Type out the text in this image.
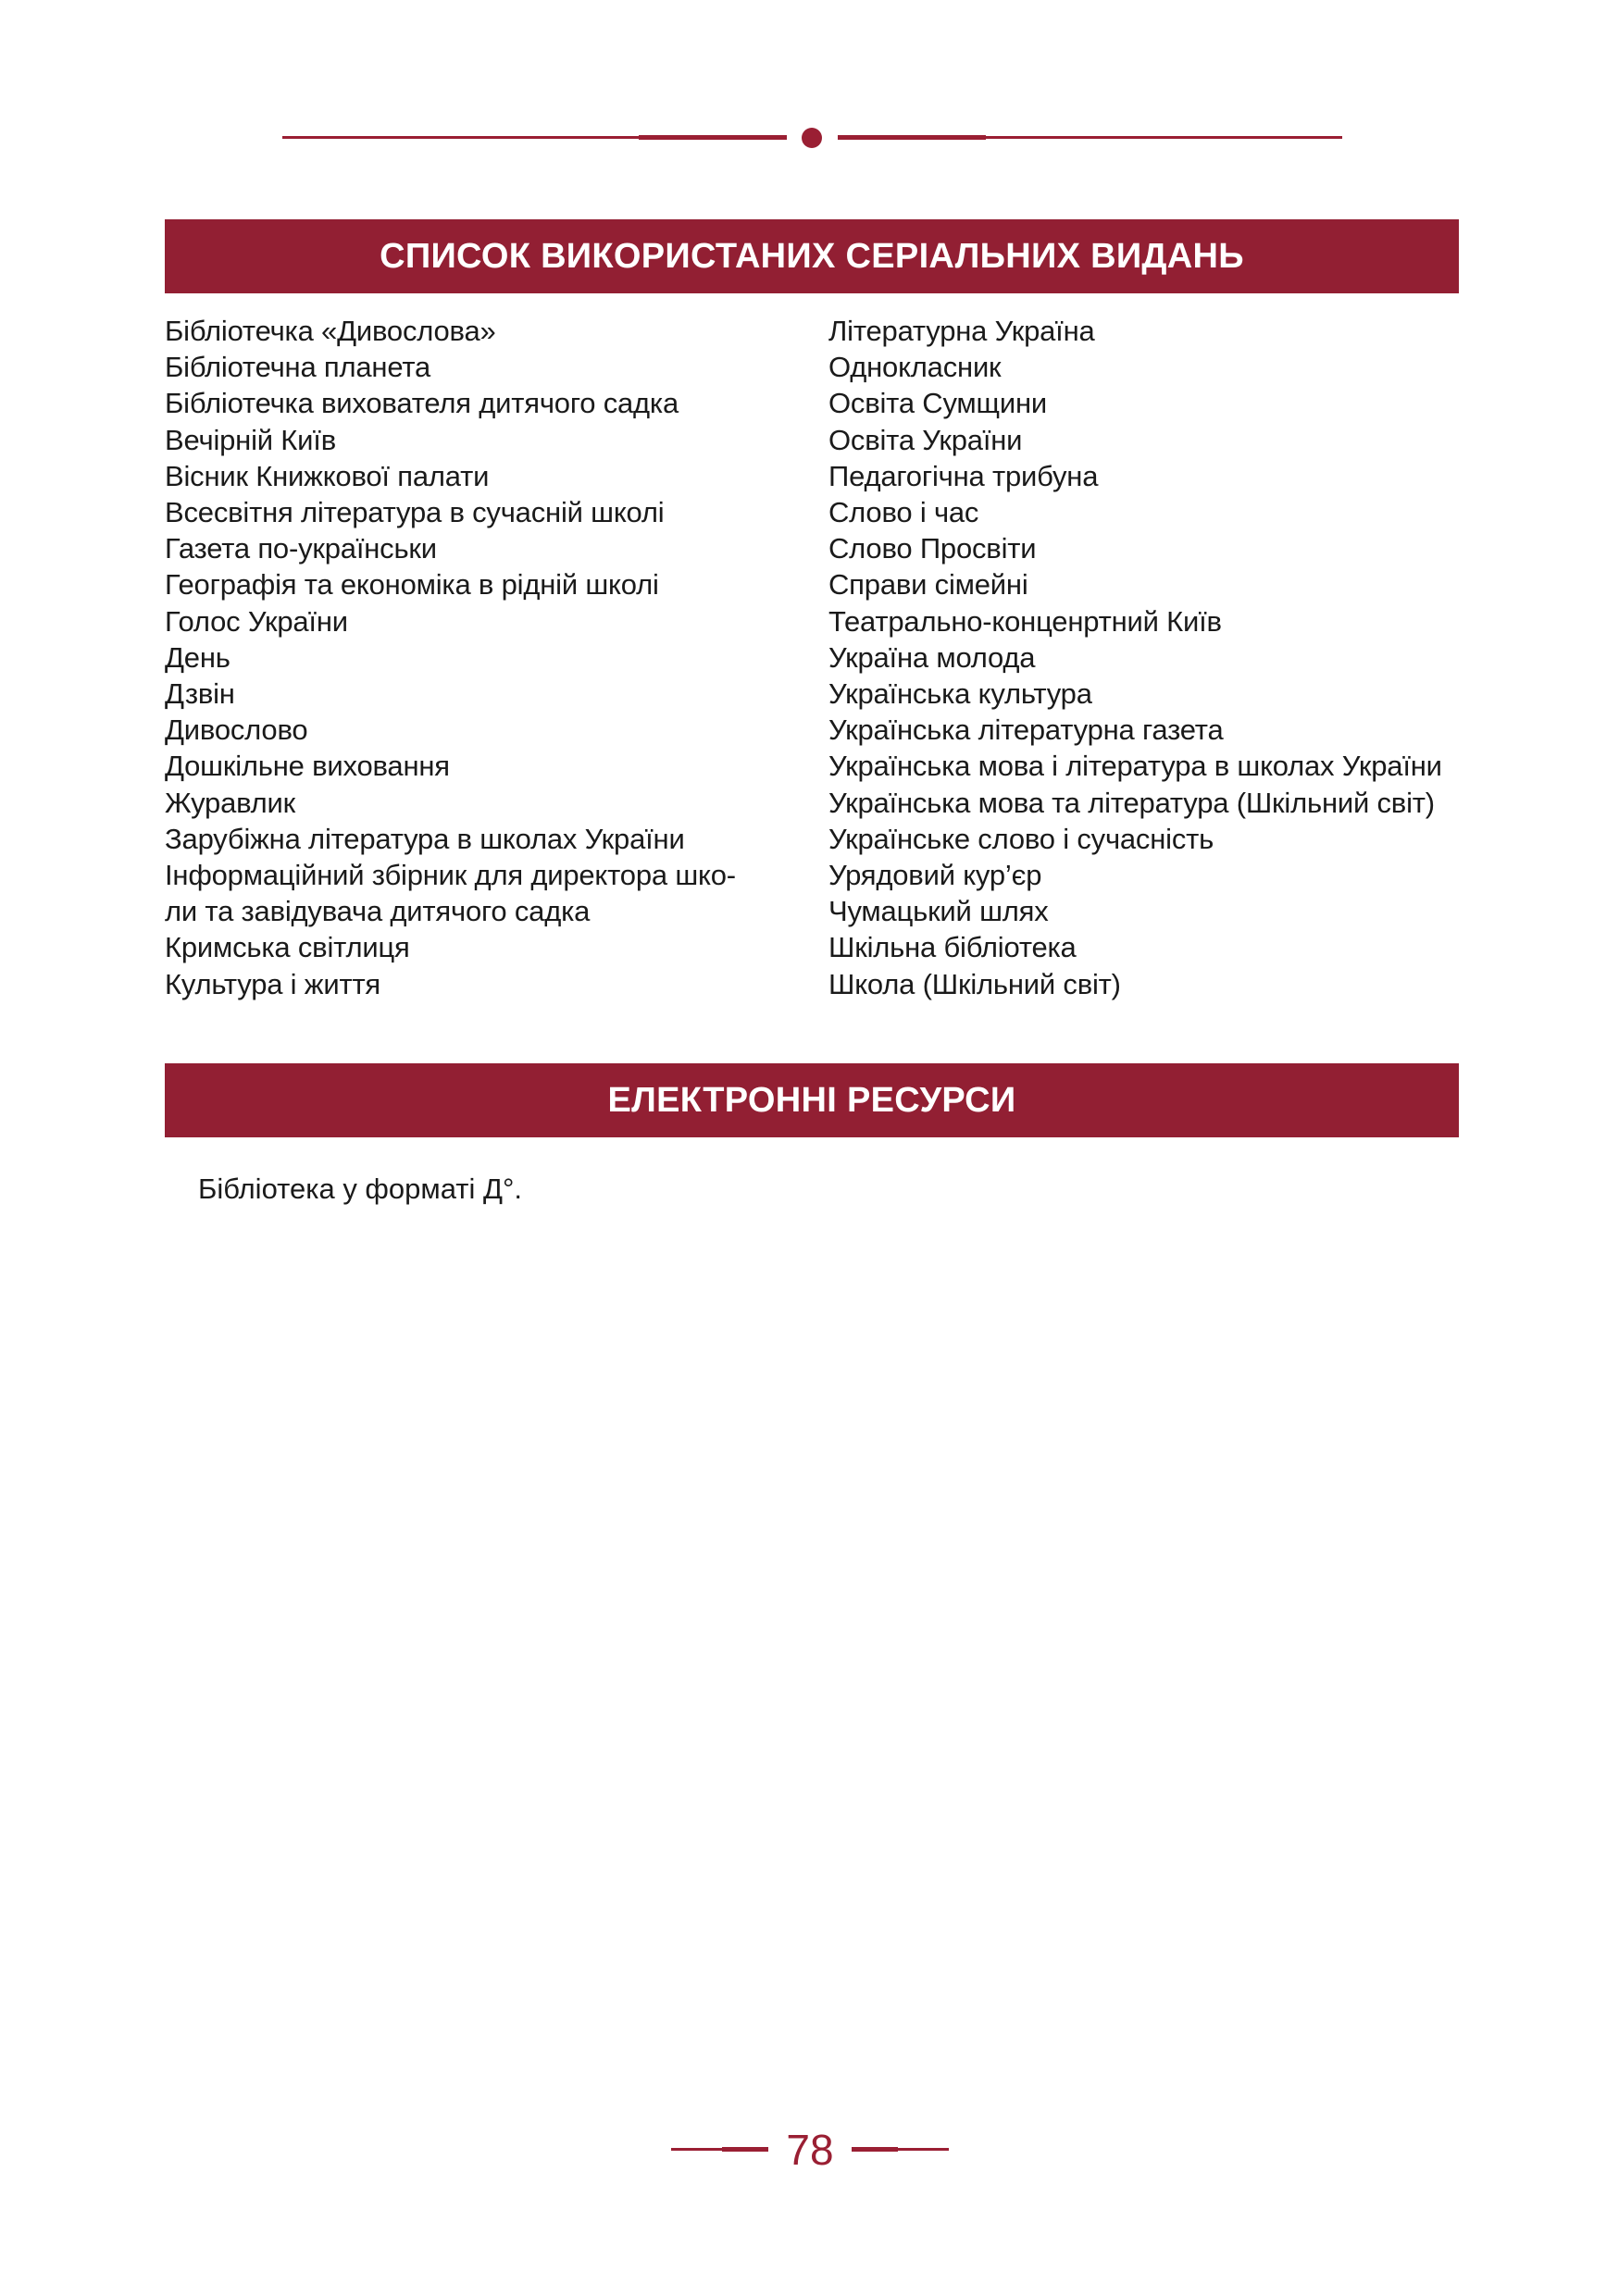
СПИСОК ВИКОРИСТАНИХ СЕРІАЛЬНИХ ВИДАНЬ
Бібліотечка «Дивослова»
Бібліотечна планета
Бібліотечка вихователя дитячого садка
Вечірній Київ
Вісник Книжкової палати
Всесвітня література в сучасній школі
Газета по-українськи
Географія та економіка в рідній школі
Голос України
День
Дзвін
Дивослово
Дошкільне виховання
Журавлик
Зарубіжна література в школах України
Інформаційний збірник для директора шко-
ли та завідувача дитячого садка
Кримська світлиця
Культура і життя
Літературна Україна
Однокласник
Освіта Сумщини
Освіта України
Педагогічна трибуна
Слово і час
Слово Просвіти
Справи сімейні
Театрально-конценртний Київ
Україна молода
Українська культура
Українська літературна газета
Українська мова і література в школах України
Українська мова та література (Шкільний світ)
Українське слово і сучасність
Урядовий кур’єр
Чумацький шлях
Шкільна бібліотека
Школа (Шкільний світ)
ЕЛЕКТРОННІ РЕСУРСИ
Бібліотека у форматі Д°.
78
